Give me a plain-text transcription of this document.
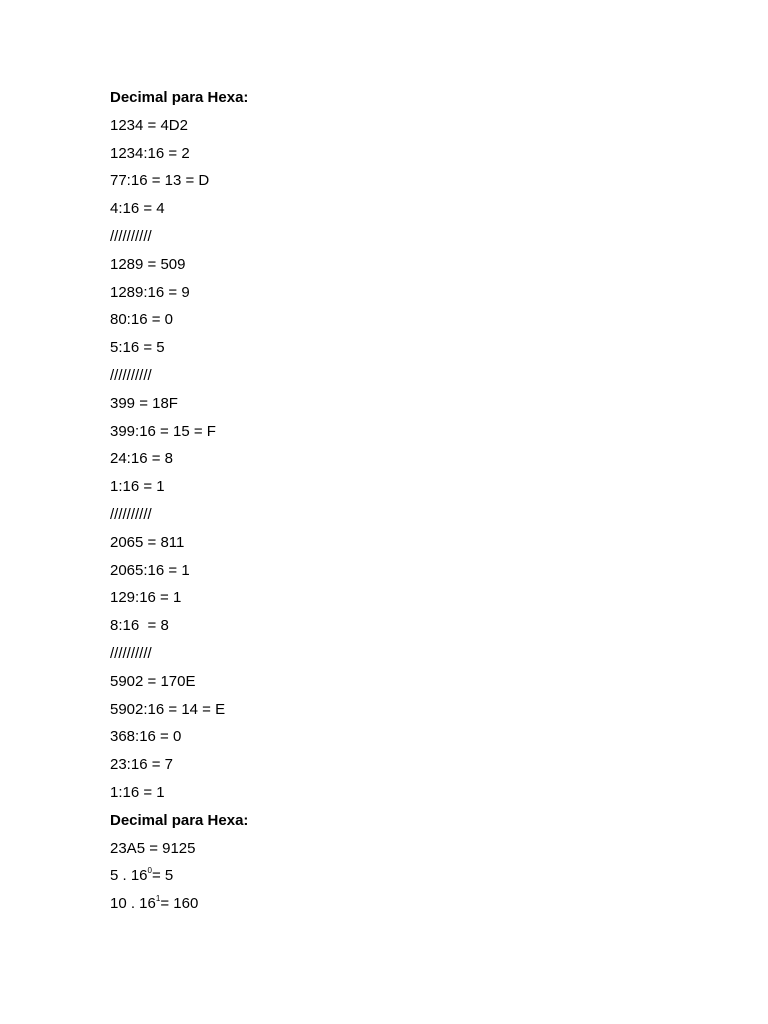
Decimal para Hexa:
1234 = 4D2
1234:16 = 2
77:16 = 13 = D
4:16 = 4
//////////
1289 = 509
1289:16 = 9
80:16 = 0
5:16 = 5
//////////
399 = 18F
399:16 = 15 = F
24:16 = 8
1:16 = 1
//////////
2065 = 811
2065:16 = 1
129:16 = 1
8:16  = 8
//////////
5902 = 170E
5902:16 = 14 = E
368:16 = 0
23:16 = 7
1:16 = 1
Decimal para Hexa:
23A5 = 9125
5 . $16^0= 5$
10 . $16^1= 160$
